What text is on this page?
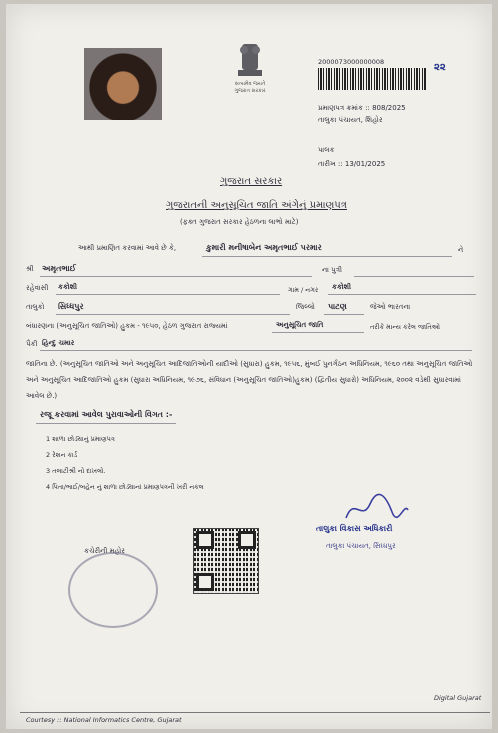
સત્યમેવ જયતે
ગુજરાત સરકાર
2000073000000008	૨૨
પ્રમાણપત્ર ક્રમાંક :: 808/2025
તાલુકા પંચાયત, શિહોર
પાલક
તારીખ :: 13/01/2025
ગુજરાત સરકાર
ગુજરાતની અનુસૂચિત જાતિ અંગેનું પ્રમાણપત્ર
(ફક્ત ગુજરાત સરકાર હેઠળના લાભો માટે)
આથી પ્રમાણિત કરવામાં આવે છે કે,	કુમારી મનીષાબેન અમૃતભાઈ પરમાર	ને
શ્રી અમૃતભાઈ	ના પુત્રી
રહેવાસી કકોશી	ગામ / નગર કકોશી
તાલુકો સિધ્ધપુર	જિલ્લો પાટણ	જેઓ ભારતના
બંધારણના (અનુસૂચિત જાતિઓ) હુકમ - ૧૯૫૦, હેઠળ ગુજરાત રાજ્યમાં	અનુસૂચિત જાતિ	તરીકે માન્ય કરેલ જાતિઓ
પૈકી હિન્દુ ચમાર
જાતિના છે. (અનુસૂચિત જાતિઓ અને અનુસૂચિત આદિજાતિઓની યાદીઓ (સુધારા) હુકમ, ૧૯૫૬, મુંબઈ પુનર્ગઠન અધિનિયમ, ૧૯૬૦ તથા અનુસૂચિત જાતિઓ અને અનુસૂચિત આદિજાતિઓ હુકમ (સુધારા અધિનિયમ, ૧૯૭૬, સંવિધાન (અનુસૂચિત જાતિઓ)હુકમ) (દ્વિતીય સુધારો) અધિનિયમ, ૨૦૦૨ વડેથી સુધારવામાં આવેલ છે.)
રજૂ કરવામાં આવેલ પુરાવાઓની વિગત :-
1 શાળા છોડ્યાનું પ્રમાણપત્ર
2 રેશન કાર્ડ
3 તલાટીશ્રી નો દાખલો.
4 પિતા/ભાઈ/બહેન નું શાળા છોડ્યાનાં પ્રમાણપત્રની ખરી નકલ
કચેરીની મહોર
તાલુકા વિકાસ અધિકારી
તાલુકા પંચાયત, સિધ્ધપુર
Digital Gujarat
Courtesy :: National Informatics Centre, Gujarat
